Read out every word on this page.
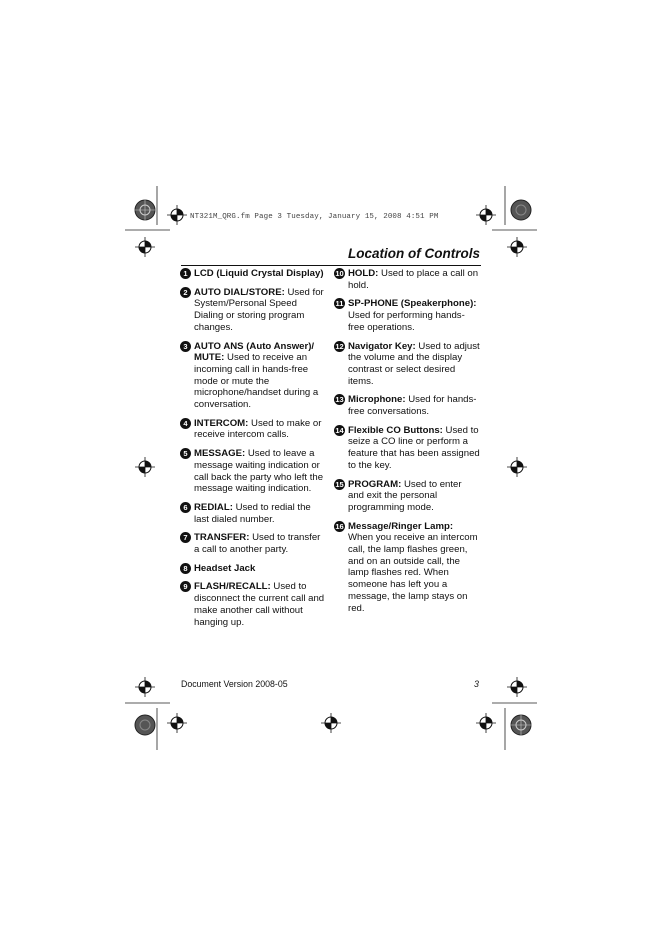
NT321M_QRG.fm Page 3 Tuesday, January 15, 2008 4:51 PM
Location of Controls
1 LCD (Liquid Crystal Display)
2 AUTO DIAL/STORE: Used for System/Personal Speed Dialing or storing program changes.
3 AUTO ANS (Auto Answer)/ MUTE: Used to receive an incoming call in hands-free mode or mute the microphone/handset during a conversation.
4 INTERCOM: Used to make or receive intercom calls.
5 MESSAGE: Used to leave a message waiting indication or call back the party who left the message waiting indication.
6 REDIAL: Used to redial the last dialed number.
7 TRANSFER: Used to transfer a call to another party.
8 Headset Jack
9 FLASH/RECALL: Used to disconnect the current call and make another call without hanging up.
10 HOLD: Used to place a call on hold.
11 SP-PHONE (Speakerphone): Used for performing hands-free operations.
12 Navigator Key: Used to adjust the volume and the display contrast or select desired items.
13 Microphone: Used for hands-free conversations.
14 Flexible CO Buttons: Used to seize a CO line or perform a feature that has been assigned to the key.
15 PROGRAM: Used to enter and exit the personal programming mode.
16 Message/Ringer Lamp: When you receive an intercom call, the lamp flashes green, and on an outside call, the lamp flashes red. When someone has left you a message, the lamp stays on red.
Document Version 2008-05	3
